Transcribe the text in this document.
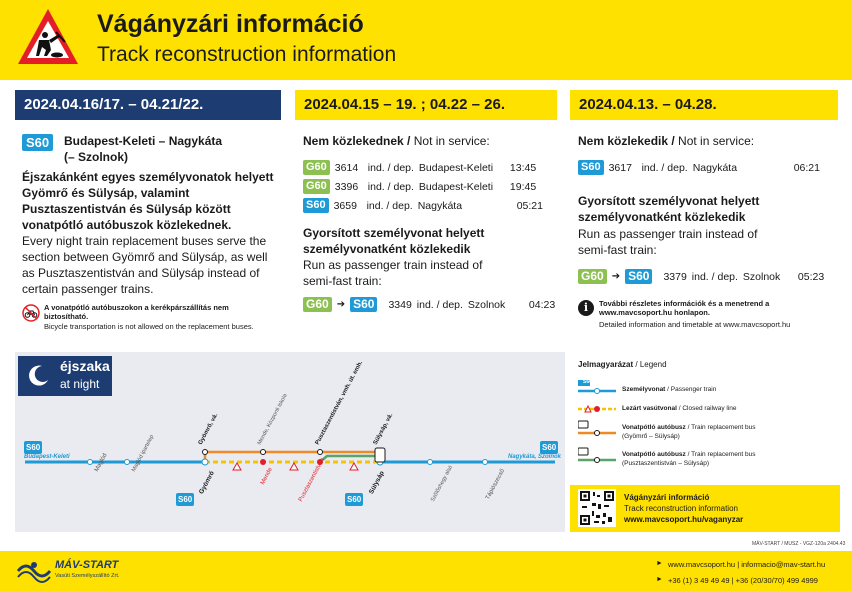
Vágányzári információ
Track reconstruction information
2024.04.16/17. – 04.21/22.	2024.04.15 – 19. ; 04.22 – 26.	2024.04.13. – 04.28.
S60	Budapest-Keleti – Nagykáta
(– Szolnok)
Éjszakánként egyes személyvonatok helyett Gyömrő és Sülysáp, valamint Pusztaszentistván és Sülysáp között vonatpótló autóbuszok közlekednek.
Every night train replacement buses serve the section between Gyömrő and Sülysáp, as well as Pusztaszentistván and Sülysáp instead of certain passenger trains.
A vonatpótló autóbuszokon a kerékpárszállítás nem biztosítható.
Bicycle transportation is not allowed on the replacement buses.
Nem közlekednek / Not in service:
G60 3614 ind. / dep. Budapest-Keleti	13:45
G60 3396 ind. / dep. Budapest-Keleti	19:45
S60 3659 ind. / dep. Nagykáta	05:21
Gyorsított személyvonat helyett személyvonatként közlekedik
Run as passenger train instead of semi-fast train:
G60 ➔ S60 3349 ind. / dep. Szolnok	04:23
Nem közlekedik / Not in service:
S60 3617 ind. / dep. Nagykáta	06:21
Gyorsított személyvonat helyett személyvonatként közlekedik
Run as passenger train instead of semi-fast train:
G60 ➔ S60 3379 ind. / dep. Szolnok	05:23
i	További részletes információk és a menetrend a www.mavcsoport.hu honlapon.
Detailed information and timetable at www.mavcsoport.hu
éjszaka
at night
S60
Budapest-Keleti
S60
Nagykáta, Szolnok
Gyömrő, vá.	Mende, Központi iskola	Pusztaszentistván, vmh. út. emh. Sülysáp, vá.
Maglód	Maglód ipartelep
S60
Gyömrő	Mende	Pusztaszentistván	S60
Sülysáp	Szőlőshegy alsó	Tápiószecső
Jelmagyarázat / Legend
S60
Személyvonat / Passenger train
Lezárt vasútvonal / Closed railway line
Vonatpótló autóbusz / Train replacement bus
(Gyömrő – Sülysáp)
Vonatpótló autóbusz / Train replacement bus
(Pusztaszentistván – Sülysáp)
Vágányzári információ
Track reconstruction information
www.mavcsoport.hu/vaganyzar
MÁV-START / MUSZ - VGZ-120a 2404.43
MÁV-START
Vasúti Személyszállító Zrt.
► www.mavcsoport.hu | informacio@mav-start.hu
► +36 (1) 3 49 49 49 | +36 (20/30/70) 499 4999
